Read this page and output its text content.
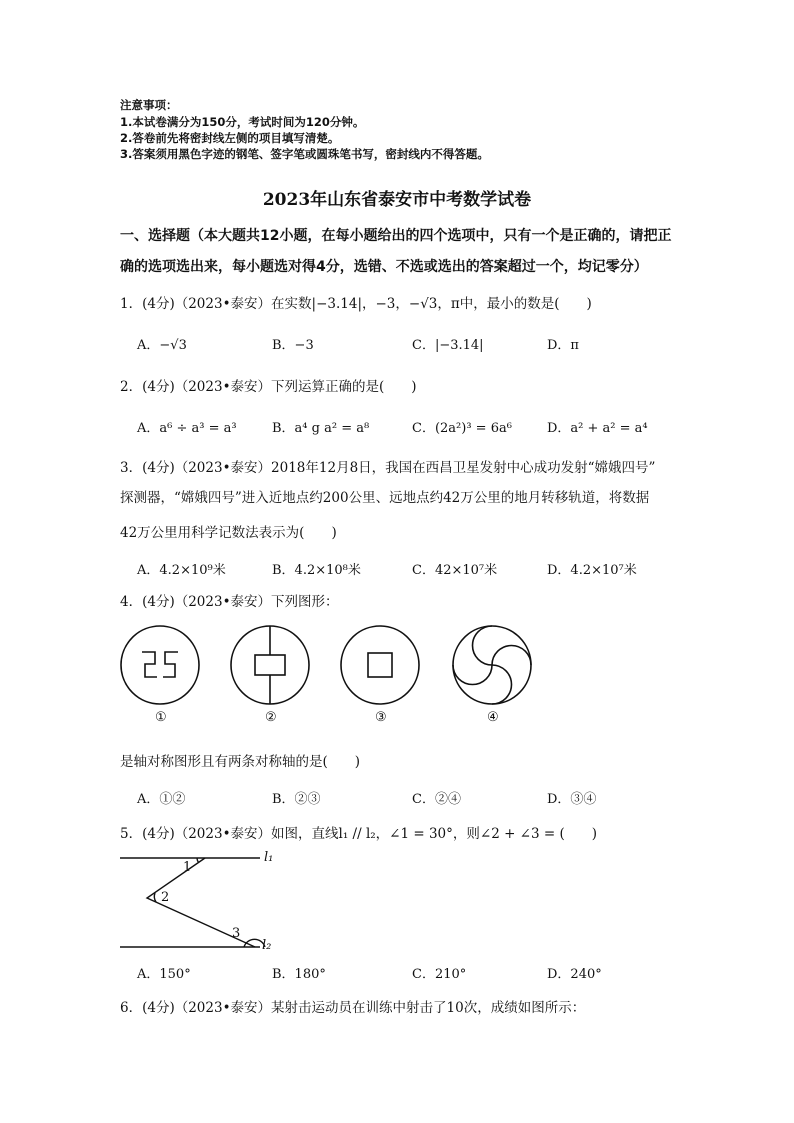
注意事项：
1.本试卷满分为150分，考试时间为120分钟。
2.答卷前先将密封线左侧的项目填写清楚。
3.答案须用黑色字迹的钢笔、签字笔或圆珠笔书写，密封线内不得答题。
2023年山东省泰安市中考数学试卷
一、选择题（本大题共12小题，在每小题给出的四个选项中，只有一个是正确的，请把正
确的选项选出来，每小题选对得4分，选错、不选或选出的答案超过一个，均记零分）
1．(4分)（2023•泰安）在实数|−3.14|，−3，−√3，π中，最小的数是(　　)
A．−√3	B．−3	C．|−3.14|	D．π
2．(4分)（2023•泰安）下列运算正确的是(　　)
A．a⁶ ÷ a³ = a³	B．a⁴ g a² = a⁸	C．(2a²)³ = 6a⁶	D．a² + a² = a⁴
3．(4分)（2023•泰安）2018年12月8日，我国在西昌卫星发射中心成功发射“嫦娥四号”
探测器，“嫦娥四号”进入近地点约200公里、远地点约42万公里的地月转移轨道，将数据
42万公里用科学记数法表示为(　　)
A．4.2×10⁹米	B．4.2×10⁸米	C．42×10⁷米	D．4.2×10⁷米
4．(4分)（2023•泰安）下列图形：
①	②	③	④
是轴对称图形且有两条对称轴的是(　　)
A．①②	B．②③	C．②④	D．③④
5．(4分)（2023•泰安）如图，直线l₁ // l₂，∠1 = 30°，则∠2 + ∠3 = (　　)
1
2
3
l₁
l₂
A．150°	B．180°	C．210°	D．240°
6．(4分)（2023•泰安）某射击运动员在训练中射击了10次，成绩如图所示：
